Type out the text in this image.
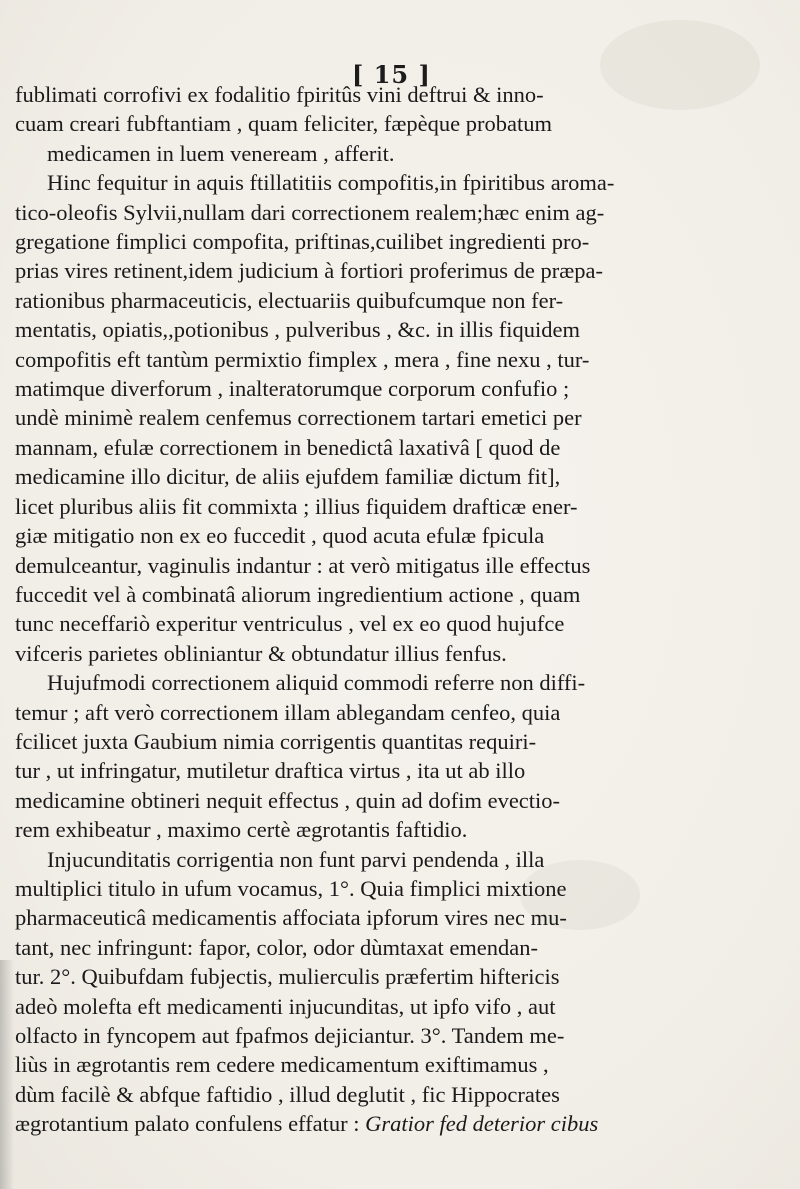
[ 15 ]
fublimati corrofivi ex fodalitio fpiritûs vini deftrui & inno-
cuam creari fubftantiam , quam feliciter, fæpèque probatum
medicamen in luem veneream , afferit.
Hinc fequitur in aquis ftillatitiis compofitis,in fpiritibus aroma-
tico-oleofis Sylvii,nullam dari correctionem realem;hæc enim ag-
gregatione fimplici compofita, priftinas,cuilibet ingredienti pro-
prias vires retinent,idem judicium à fortiori proferimus de præpa-
rationibus pharmaceuticis, electuariis quibufcumque non fer-
mentatis, opiatis,,potionibus , pulveribus , &c. in illis fiquidem
compofitis eft tantùm permixtio fimplex , mera , fine nexu , tur-
matimque diverforum , inalteratorumque corporum confufio ;
undè minimè realem cenfemus correctionem tartari emetici per
mannam, efulæ correctionem in benedictâ laxativâ [ quod de
medicamine illo dicitur, de aliis ejufdem familiæ dictum fit],
licet pluribus aliis fit commixta ; illius fiquidem drafticæ ener-
giæ mitigatio non ex eo fuccedit , quod acuta efulæ fpicula
demulceantur, vaginulis indantur : at verò mitigatus ille effectus
fuccedit vel à combinatâ aliorum ingredientium actione , quam
tunc neceffariò experitur ventriculus , vel ex eo quod hujufce
vifceris parietes obliniantur & obtundatur illius fenfus.
Hujufmodi correctionem aliquid commodi referre non diffi-
temur ; aft verò correctionem illam ablegandam cenfeo, quia
fcilicet juxta Gaubium nimia corrigentis quantitas requiri-
tur , ut infringatur, mutiletur draftica virtus , ita ut ab illo
medicamine obtineri nequit effectus , quin ad dofim evectio-
rem exhibeatur , maximo certè ægrotantis faftidio.
Injucunditatis corrigentia non funt parvi pendenda , illa
multiplici titulo in ufum vocamus, 1°. Quia fimplici mixtione
pharmaceuticâ medicamentis affociata ipforum vires nec mu-
tant, nec infringunt: fapor, color, odor dùmtaxat emendan-
tur. 2°. Quibufdam fubjectis, mulierculis præfertim hiftericis
adeò molefta eft medicamenti injucunditas, ut ipfo vifo , aut
olfacto in fyncopem aut fpafmos dejiciantur. 3°. Tandem me-
liùs in ægrotantis rem cedere medicamentum exiftimamus ,
dùm facilè & abfque faftidio , illud deglutit , fic Hippocrates
ægrotantium palato confulens effatur : Gratior fed deterior cibus
